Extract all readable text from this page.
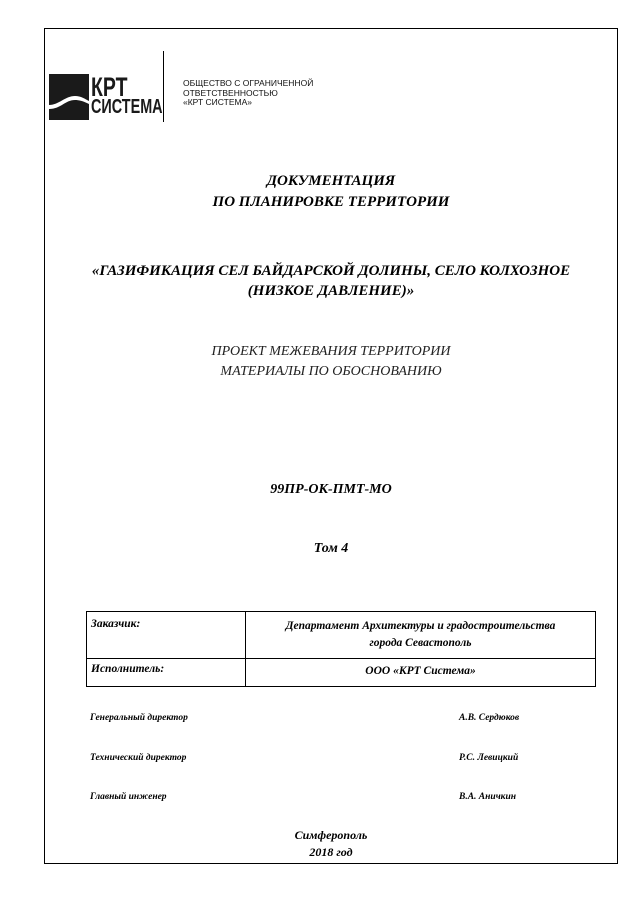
КРТ
СИСТЕМА
ОБЩЕСТВО С ОГРАНИЧЕННОЙ
ОТВЕТСТВЕННОСТЬЮ
«КРТ СИСТЕМА»
ДОКУМЕНТАЦИЯ
ПО ПЛАНИРОВКЕ ТЕРРИТОРИИ
«ГАЗИФИКАЦИЯ СЕЛ БАЙДАРСКОЙ ДОЛИНЫ, СЕЛО КОЛХОЗНОЕ
(НИЗКОЕ ДАВЛЕНИЕ)»
ПРОЕКТ МЕЖЕВАНИЯ ТЕРРИТОРИИ
МАТЕРИАЛЫ ПО ОБОСНОВАНИЮ
99ПР-ОК-ПМТ-МО
Том 4
Заказчик:	Департамент Архитектуры и градостроительства
города Севастополь

Исполнитель:	ООО «КРТ Система»
Генеральный директор	А.В. Сердюков
Технический директор	Р.С. Левицкий
Главный инженер	В.А. Аничкин
Симферополь
2018 год
